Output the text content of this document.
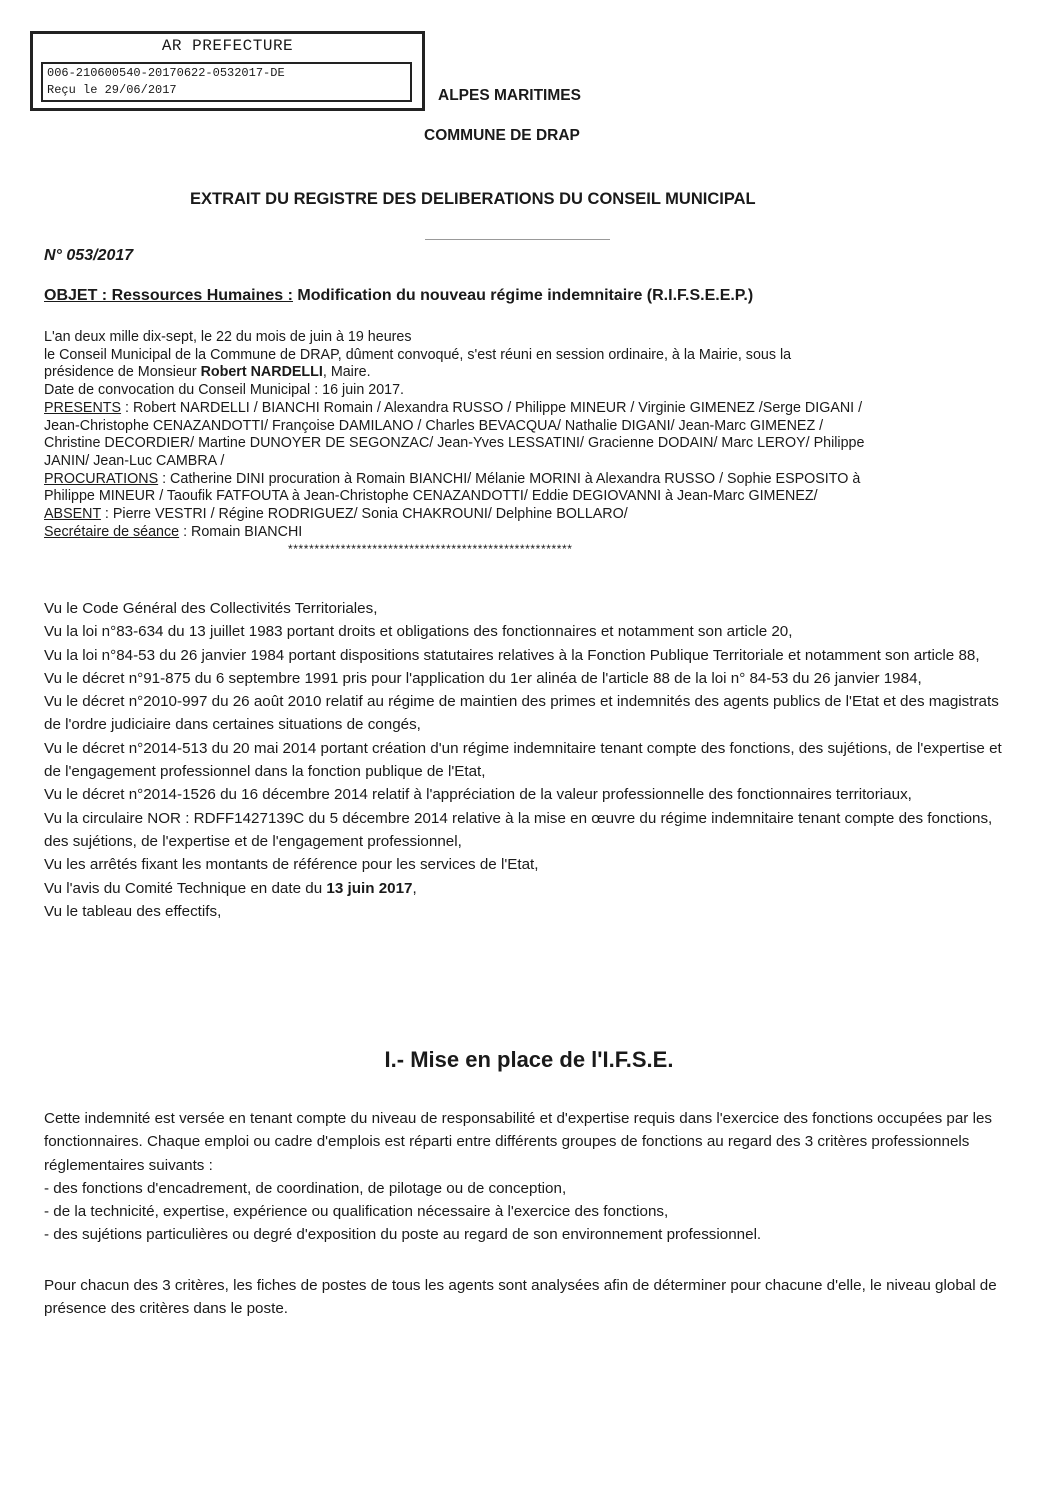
AR PREFECTURE
006-210600540-20170622-0532017-DE
Reçu le 29/06/2017	ALPES MARITIMES
COMMUNE DE DRAP
EXTRAIT DU REGISTRE DES DELIBERATIONS DU CONSEIL MUNICIPAL
N° 053/2017
OBJET : Ressources Humaines : Modification du nouveau régime indemnitaire (R.I.F.S.E.E.P.)
L'an deux mille dix-sept, le 22 du mois de juin à 19 heures
le Conseil Municipal de la Commune de DRAP, dûment convoqué, s'est réuni en session ordinaire, à la Mairie, sous la
présidence de Monsieur Robert NARDELLI, Maire.
Date de convocation du Conseil Municipal : 16 juin 2017.
PRESENTS : Robert NARDELLI / BIANCHI Romain / Alexandra RUSSO / Philippe MINEUR / Virginie GIMENEZ /Serge DIGANI /
Jean-Christophe CENAZANDOTTI/ Françoise DAMILANO / Charles BEVACQUA/ Nathalie DIGANI/ Jean-Marc GIMENEZ /
Christine DECORDIER/ Martine DUNOYER DE SEGONZAC/ Jean-Yves LESSATINI/ Gracienne DODAIN/ Marc LEROY/ Philippe
JANIN/ Jean-Luc CAMBRA /
PROCURATIONS : Catherine DINI procuration à Romain BIANCHI/ Mélanie MORINI à Alexandra RUSSO / Sophie ESPOSITO à
Philippe MINEUR / Taoufik FATFOUTA à Jean-Christophe CENAZANDOTTI/ Eddie DEGIOVANNI à Jean-Marc GIMENEZ/
ABSENT : Pierre VESTRI / Régine RODRIGUEZ/ Sonia CHAKROUNI/ Delphine BOLLARO/
Secrétaire de séance : Romain BIANCHI
******************************************************
Vu le Code Général des Collectivités Territoriales,
Vu la loi n°83-634 du 13 juillet 1983 portant droits et obligations des fonctionnaires et notamment son article 20,
Vu la loi n°84-53 du 26 janvier 1984 portant dispositions statutaires relatives à la Fonction Publique Territoriale et notamment son article 88,
Vu le décret n°91-875 du 6 septembre 1991 pris pour l'application du 1er alinéa de l'article 88 de la loi n° 84-53 du 26 janvier 1984,
Vu le décret n°2010-997 du 26 août 2010 relatif au régime de maintien des primes et indemnités des agents publics de l'Etat et des magistrats de l'ordre judiciaire dans certaines situations de congés,
Vu le décret n°2014-513 du 20 mai 2014 portant création d'un régime indemnitaire tenant compte des fonctions, des sujétions, de l'expertise et de l'engagement professionnel dans la fonction publique de l'Etat,
Vu le décret n°2014-1526 du 16 décembre 2014 relatif à l'appréciation de la valeur professionnelle des fonctionnaires territoriaux,
Vu la circulaire NOR : RDFF1427139C du 5 décembre 2014 relative à la mise en œuvre du régime indemnitaire tenant compte des fonctions, des sujétions, de l'expertise et de l'engagement professionnel,
Vu les arrêtés fixant les montants de référence pour les services de l'Etat,
Vu l'avis du Comité Technique en date du 13 juin 2017,
Vu le tableau des effectifs,
I.- Mise en place de l'I.F.S.E.
Cette indemnité est versée en tenant compte du niveau de responsabilité et d'expertise requis dans l'exercice des fonctions occupées par les fonctionnaires. Chaque emploi ou cadre d'emplois est réparti entre différents groupes de fonctions au regard des 3 critères professionnels réglementaires suivants :
- des fonctions d'encadrement, de coordination, de pilotage ou de conception,
- de la technicité, expertise, expérience ou qualification nécessaire à l'exercice des fonctions,
- des sujétions particulières ou degré d'exposition du poste au regard de son environnement professionnel.
Pour chacun des 3 critères, les fiches de postes de tous les agents sont analysées afin de déterminer pour chacune d'elle, le niveau global de présence des critères dans le poste.
